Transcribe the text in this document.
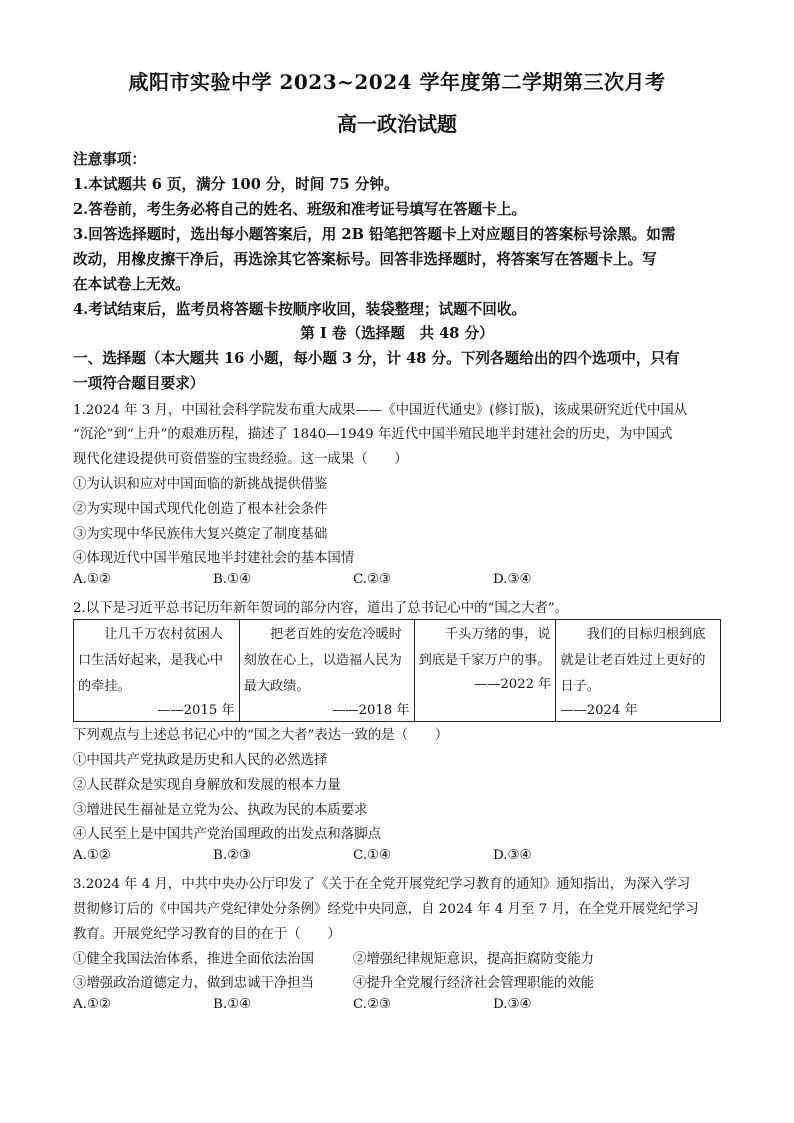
咸阳市实验中学 2023~2024 学年度第二学期第三次月考
高一政治试题
注意事项：
1.本试题共 6 页，满分 100 分，时间 75 分钟。
2.答卷前，考生务必将自己的姓名、班级和准考证号填写在答题卡上。
3.回答选择题时，选出每小题答案后，用 2B 铅笔把答题卡上对应题目的答案标号涂黑。如需
改动，用橡皮擦干净后，再选涂其它答案标号。回答非选择题时，将答案写在答题卡上。写
在本试卷上无效。
4.考试结束后，监考员将答题卡按顺序收回，装袋整理；试题不回收。
第 I 卷（选择题　共 48 分）
一、选择题（本大题共 16 小题，每小题 3 分，计 48 分。下列各题给出的四个选项中，只有
一项符合题目要求）
1.2024 年 3 月，中国社会科学院发布重大成果——《中国近代通史》(修订版)，该成果研究近代中国从
“沉沦”到“上升”的艰难历程，描述了 1840—1949 年近代中国半殖民地半封建社会的历史，为中国式
现代化建设提供可资借鉴的宝贵经验。这一成果（　　）
①为认识和应对中国面临的新挑战提供借鉴
②为实现中国式现代化创造了根本社会条件
③为实现中华民族伟大复兴奠定了制度基础
④体现近代中国半殖民地半封建社会的基本国情
A.①②	B.①④	C.②③	D.③④
2.以下是习近平总书记历年新年贺词的部分内容，道出了总书记心中的“国之大者”。
让几千万农村贫困人口生活好起来，是我心中的牵挂。
——2015 年

把老百姓的安危冷暖时刻放在心上，以造福人民为最大政绩。
——2018 年

千头万绪的事，说到底是千家万户的事。
——2022 年

我们的目标归根到底就是让老百姓过上更好的日子。
——2024 年
下列观点与上述总书记心中的“国之大者”表达一致的是（　　）
①中国共产党执政是历史和人民的必然选择
②人民群众是实现自身解放和发展的根本力量
③增进民生福祉是立党为公、执政为民的本质要求
④人民至上是中国共产党治国理政的出发点和落脚点
A.①②	B.②③	C.①④	D.③④
3.2024 年 4 月，中共中央办公厅印发了《关于在全党开展党纪学习教育的通知》通知指出，为深入学习
贯彻修订后的《中国共产党纪律处分条例》经党中央同意，自 2024 年 4 月至 7 月，在全党开展党纪学习
教育。开展党纪学习教育的目的在于（　　）
①健全我国法治体系，推进全面依法治国	②增强纪律规矩意识，提高拒腐防变能力
③增强政治道德定力，做到忠诚干净担当	④提升全党履行经济社会管理职能的效能
A.①②	B.①④	C.②③	D.③④
